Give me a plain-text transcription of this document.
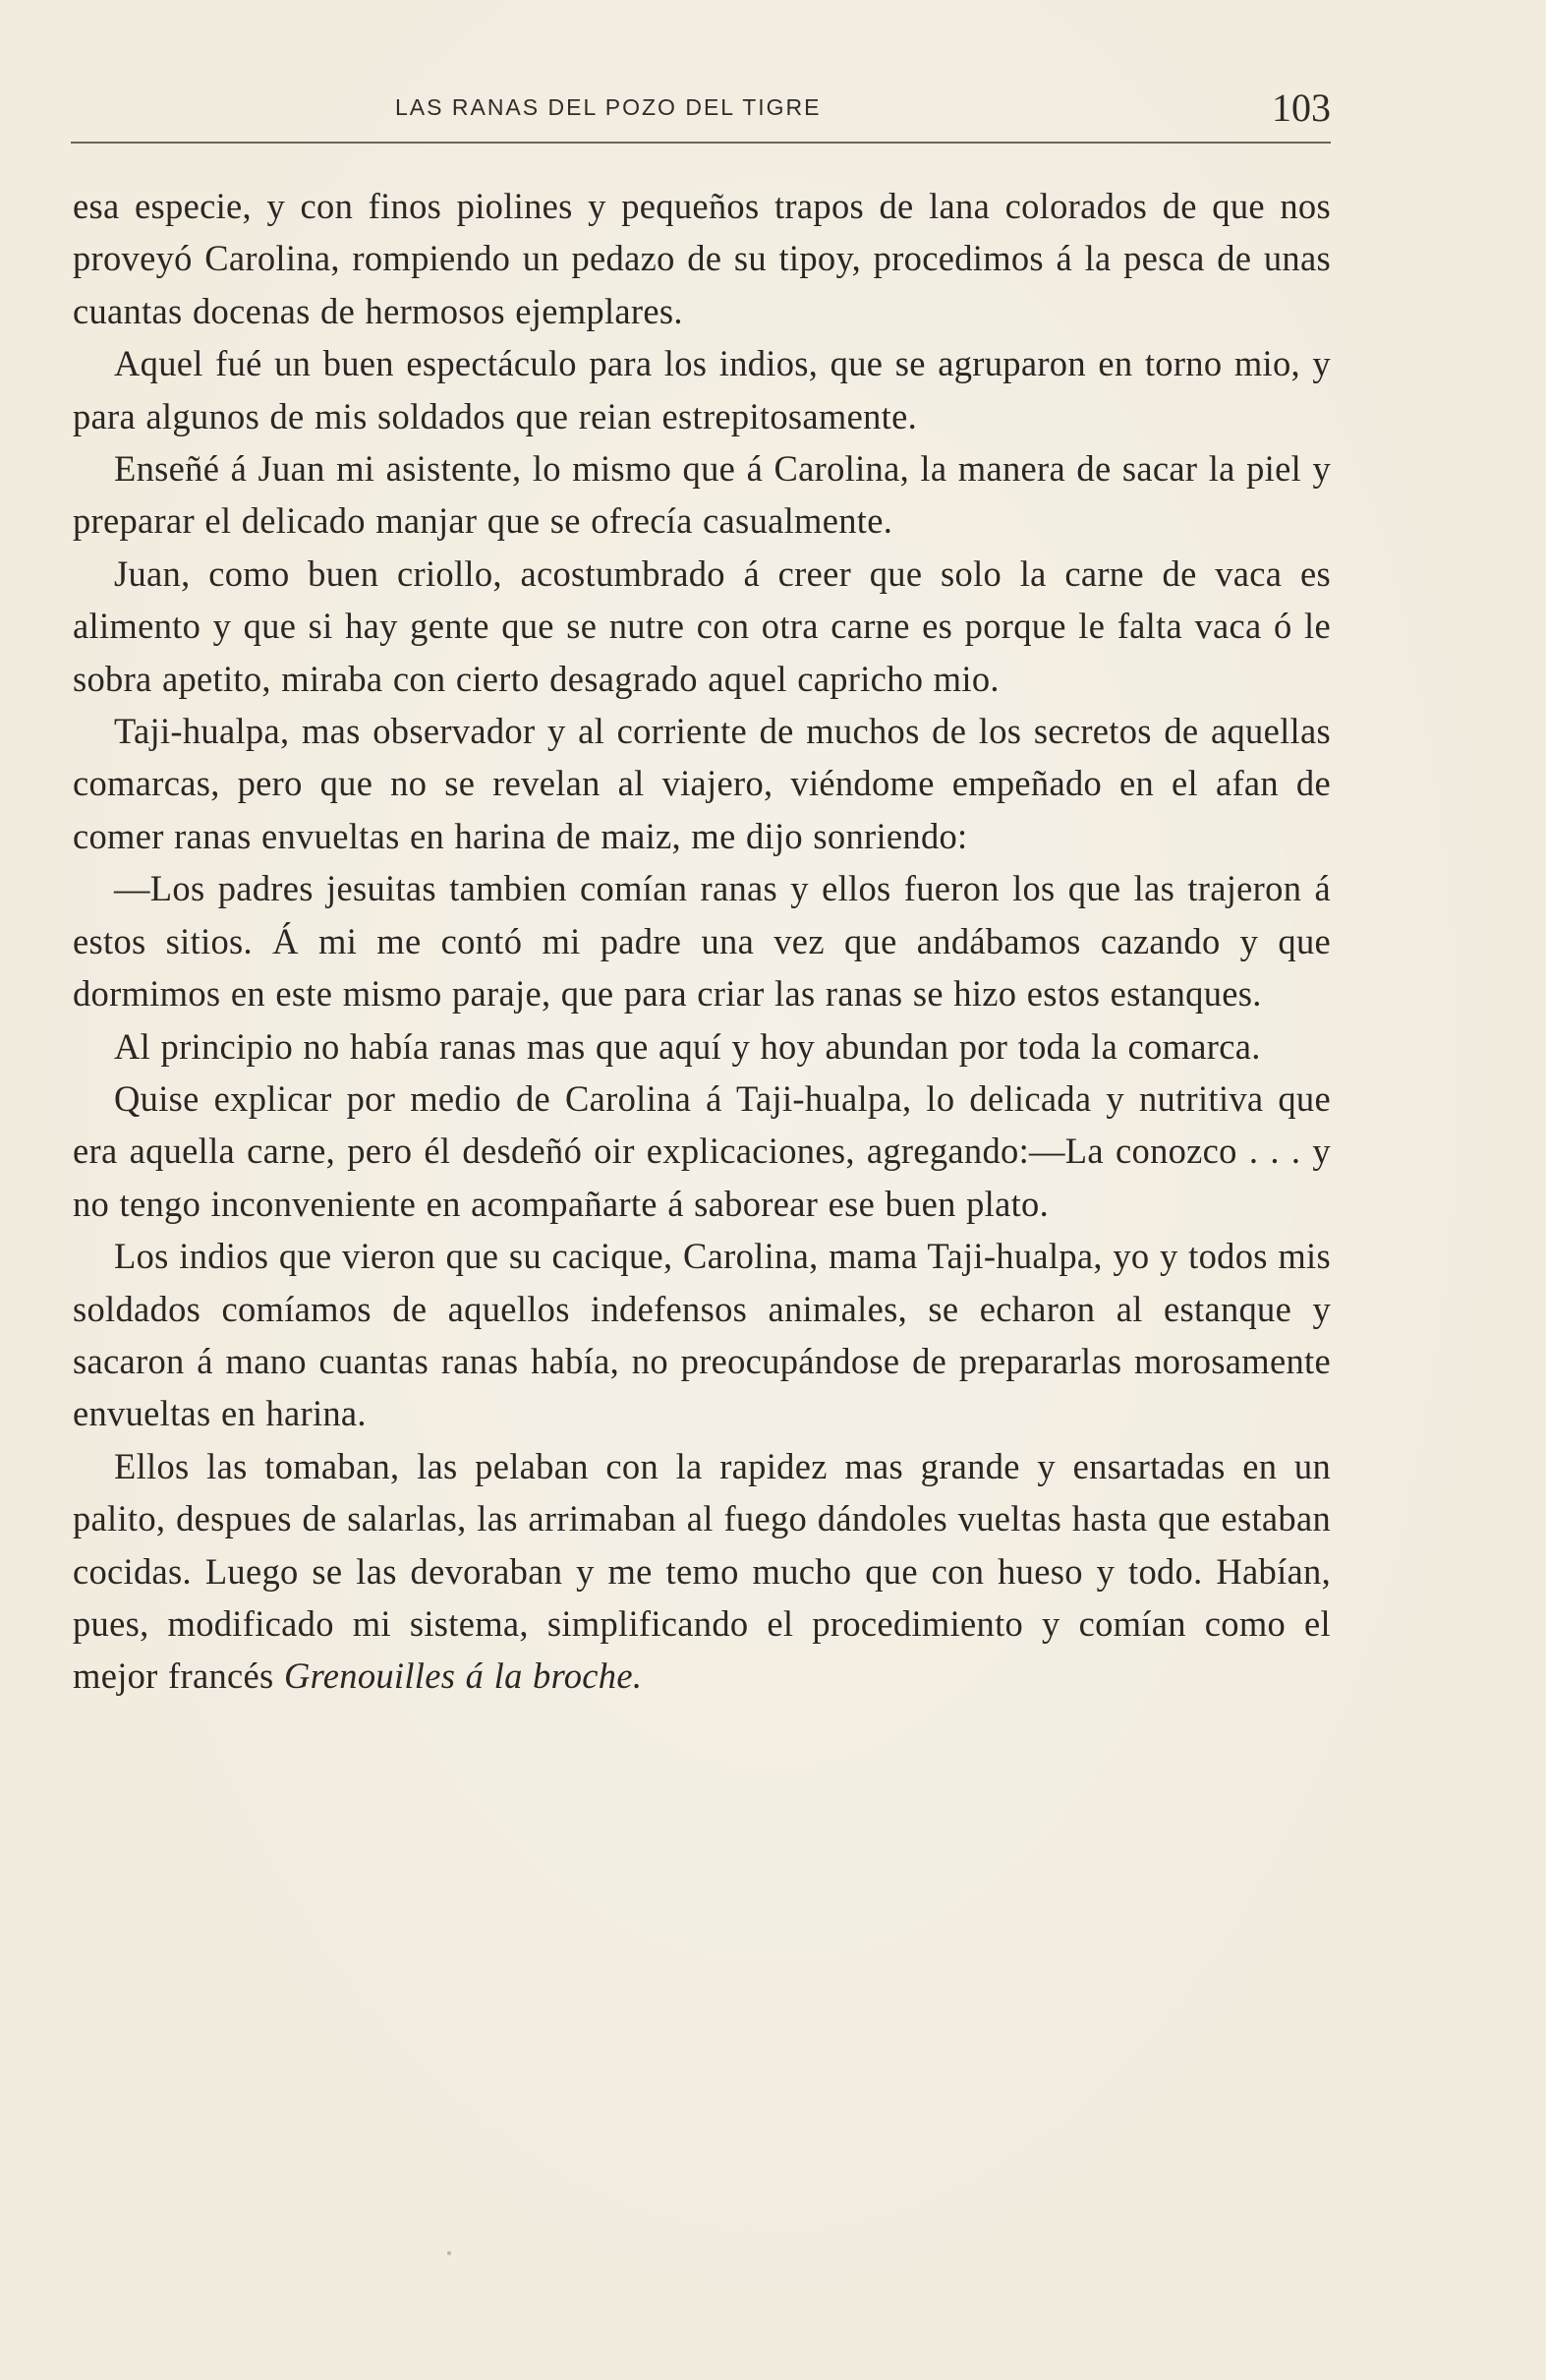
LAS RANAS DEL POZO DEL TIGRE	103

esa especie, y con finos piolines y pequeños trapos de lana colorados de que nos proveyó Carolina, rompiendo un pedazo de su tipoy, procedimos á la pesca de unas cuantas docenas de hermosos ejemplares.

Aquel fué un buen espectáculo para los indios, que se agruparon en torno mio, y para algunos de mis soldados que reian estrepitosamente.

Enseñé á Juan mi asistente, lo mismo que á Carolina, la manera de sacar la piel y preparar el delicado manjar que se ofrecía casualmente.

Juan, como buen criollo, acostumbrado á creer que solo la carne de vaca es alimento y que si hay gente que se nutre con otra carne es porque le falta vaca ó le sobra apetito, miraba con cierto desagrado aquel capricho mio.

Taji-hualpa, mas observador y al corriente de muchos de los secretos de aquellas comarcas, pero que no se revelan al viajero, viéndome empeñado en el afan de comer ranas envueltas en harina de maiz, me dijo sonriendo:

—Los padres jesuitas tambien comían ranas y ellos fueron los que las trajeron á estos sitios. Á mi me contó mi padre una vez que andábamos cazando y que dormimos en este mismo paraje, que para criar las ranas se hizo estos estanques.

Al principio no había ranas mas que aquí y hoy abundan por toda la comarca.

Quise explicar por medio de Carolina á Taji-hualpa, lo delicada y nutritiva que era aquella carne, pero él desdeñó oir explicaciones, agregando:—La conozco . . . y no tengo inconveniente en acompañarte á saborear ese buen plato.

Los indios que vieron que su cacique, Carolina, mama Taji-hualpa, yo y todos mis soldados comíamos de aquellos indefensos animales, se echaron al estanque y sacaron á mano cuantas ranas había, no preocupándose de prepararlas morosamente envueltas en harina.

Ellos las tomaban, las pelaban con la rapidez mas grande y ensartadas en un palito, despues de salarlas, las arrimaban al fuego dándoles vueltas hasta que estaban cocidas. Luego se las devoraban y me temo mucho que con hueso y todo. Habían, pues, modificado mi sistema, simplificando el procedimiento y comían como el mejor francés Grenouilles á la broche.
